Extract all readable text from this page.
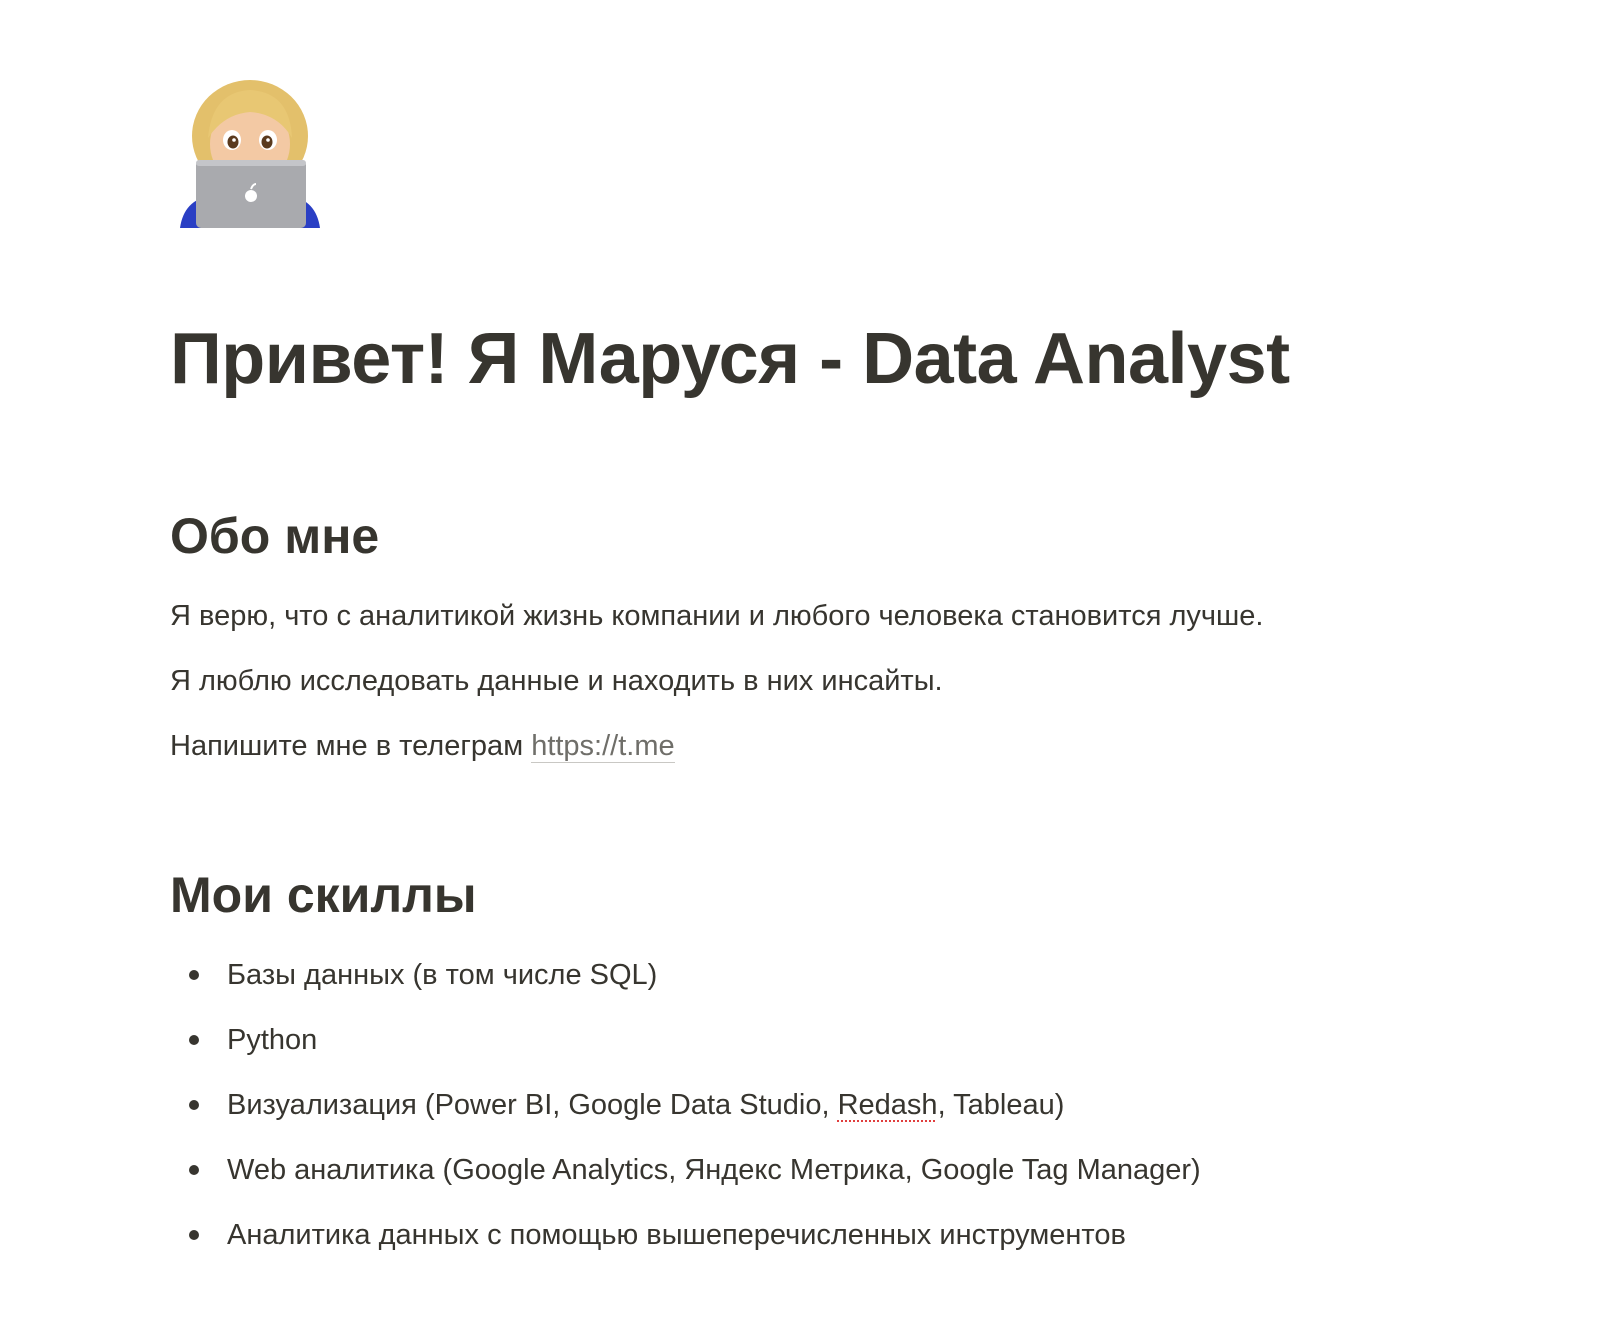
Привет! Я Маруся - Data Analyst
Обо мне

Я верю, что с аналитикой жизнь компании и любого человека становится лучше.

Я люблю исследовать данные и находить в них инсайты.

Напишите мне в телеграм https://t.me

Мои скиллы
Базы данных (в том числе SQL)
Python
Визуализация (Power BI, Google Data Studio, Redash, Tableau)
Web аналитика (Google Analytics, Яндекс Метрика, Google Tag Manager)
Аналитика данных с помощью вышеперечисленных инструментов
